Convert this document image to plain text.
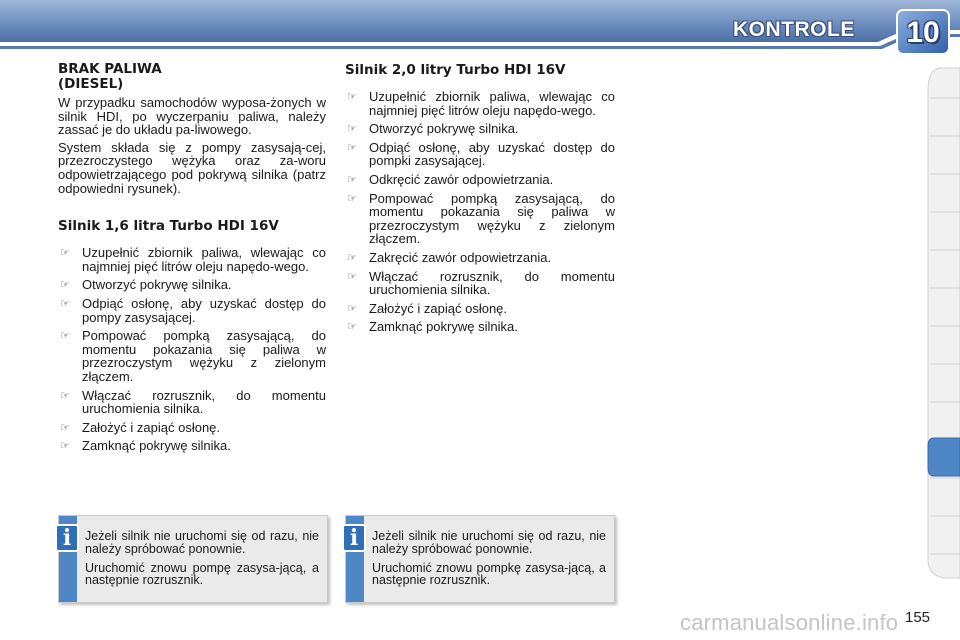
KONTROLE	10
BRAK PALIWA
(DIESEL)

W przypadku samochodów wyposa-żonych w silnik HDI, po wyczerpaniu paliwa, należy zassać je do układu pa-liwowego.

System składa się z pompy zasysają-cej, przezroczystego wężyka oraz za-woru odpowietrzającego pod pokrywą silnika (patrz odpowiedni rysunek).

Silnik 1,6 litra Turbo HDI 16V
☞ Uzupełnić zbiornik paliwa, wlewając co najmniej pięć litrów oleju napędo-wego.
☞ Otworzyć pokrywę silnika.
☞ Odpiąć osłonę, aby uzyskać dostęp do pompy zasysającej.
☞ Pompować pompką zasysającą, do momentu pokazania się paliwa w przezroczystym wężyku z zielonym złączem.
☞ Włączać rozrusznik, do momentu uruchomienia silnika.
☞ Założyć i zapiąć osłonę.
☞ Zamknąć pokrywę silnika.
Silnik 2,0 litry Turbo HDI 16V
☞ Uzupełnić zbiornik paliwa, wlewając co najmniej pięć litrów oleju napędo-wego.
☞ Otworzyć pokrywę silnika.
☞ Odpiąć osłonę, aby uzyskać dostęp do pompki zasysającej.
☞ Odkręcić zawór odpowietrzania.
☞ Pompować pompką zasysającą, do momentu pokazania się paliwa w przezroczystym wężyku z zielonym złączem.
☞ Zakręcić zawór odpowietrzania.
☞ Włączać rozrusznik, do momentu uruchomienia silnika.
☞ Założyć i zapiąć osłonę.
☞ Zamknąć pokrywę silnika.
i	Jeżeli silnik nie uruchomi się od razu, nie należy spróbować ponownie.

Uruchomić znowu pompę zasysa-jącą, a następnie rozrusznik.

i	Jeżeli silnik nie uruchomi się od razu, nie należy spróbować ponownie.

Uruchomić znowu pompkę zasysa-jącą, a następnie rozrusznik.

carmanualsonline.info 155
